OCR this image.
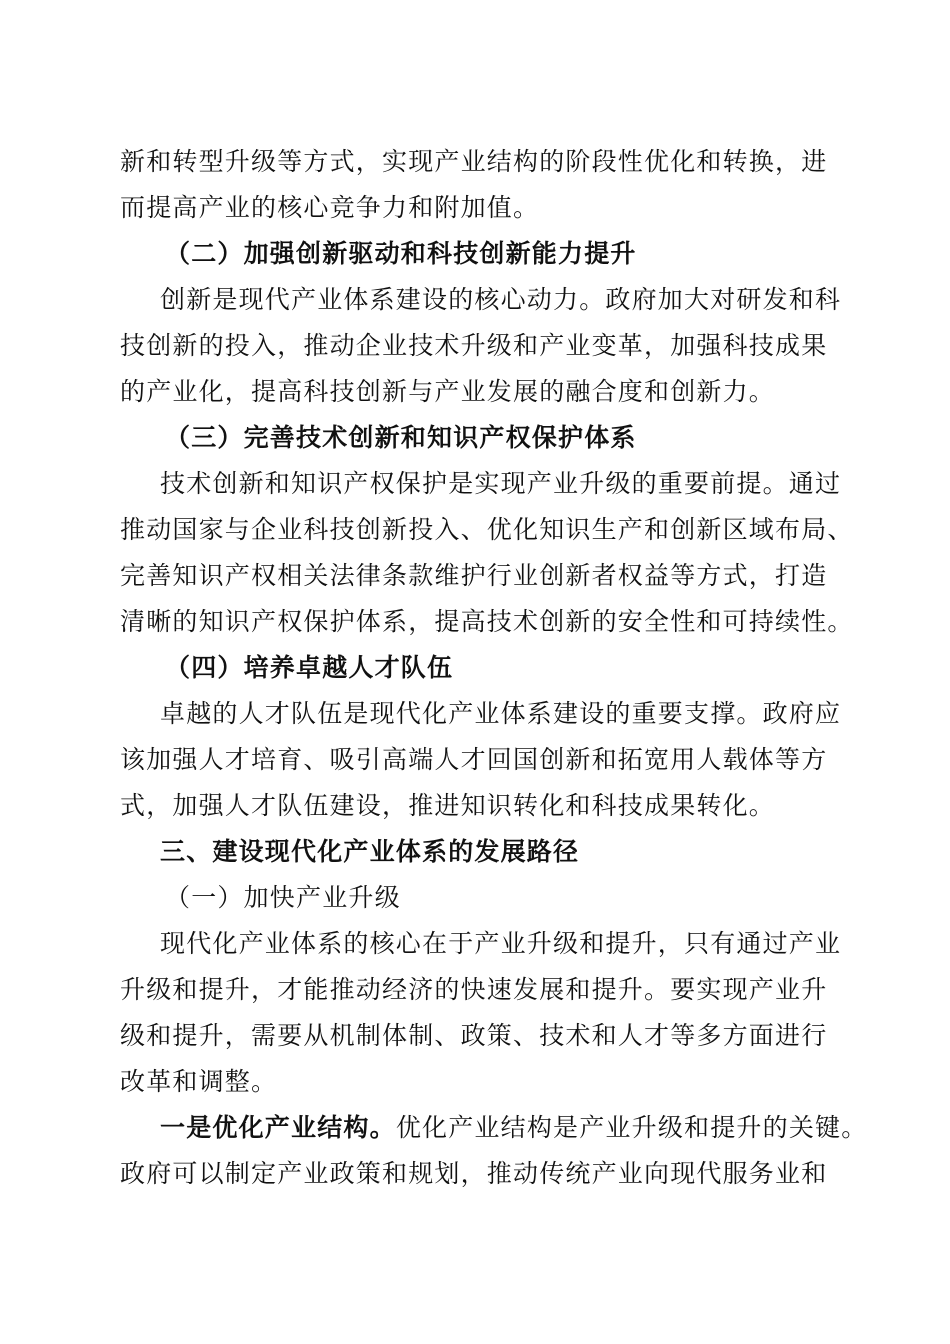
新和转型升级等方式，实现产业结构的阶段性优化和转换，进
而提高产业的核心竞争力和附加值。
（二）加强创新驱动和科技创新能力提升
创新是现代产业体系建设的核心动力。政府加大对研发和科
技创新的投入，推动企业技术升级和产业变革，加强科技成果
的产业化，提高科技创新与产业发展的融合度和创新力。
（三）完善技术创新和知识产权保护体系
技术创新和知识产权保护是实现产业升级的重要前提。通过
推动国家与企业科技创新投入、优化知识生产和创新区域布局、
完善知识产权相关法律条款维护行业创新者权益等方式，打造
清晰的知识产权保护体系，提高技术创新的安全性和可持续性。
（四）培养卓越人才队伍
卓越的人才队伍是现代化产业体系建设的重要支撑。政府应
该加强人才培育、吸引高端人才回国创新和拓宽用人载体等方
式，加强人才队伍建设，推进知识转化和科技成果转化。
三、建设现代化产业体系的发展路径
（一）加快产业升级
现代化产业体系的核心在于产业升级和提升，只有通过产业
升级和提升，才能推动经济的快速发展和提升。要实现产业升
级和提升，需要从机制体制、政策、技术和人才等多方面进行
改革和调整。
一是优化产业结构。优化产业结构是产业升级和提升的关键。
政府可以制定产业政策和规划，推动传统产业向现代服务业和
